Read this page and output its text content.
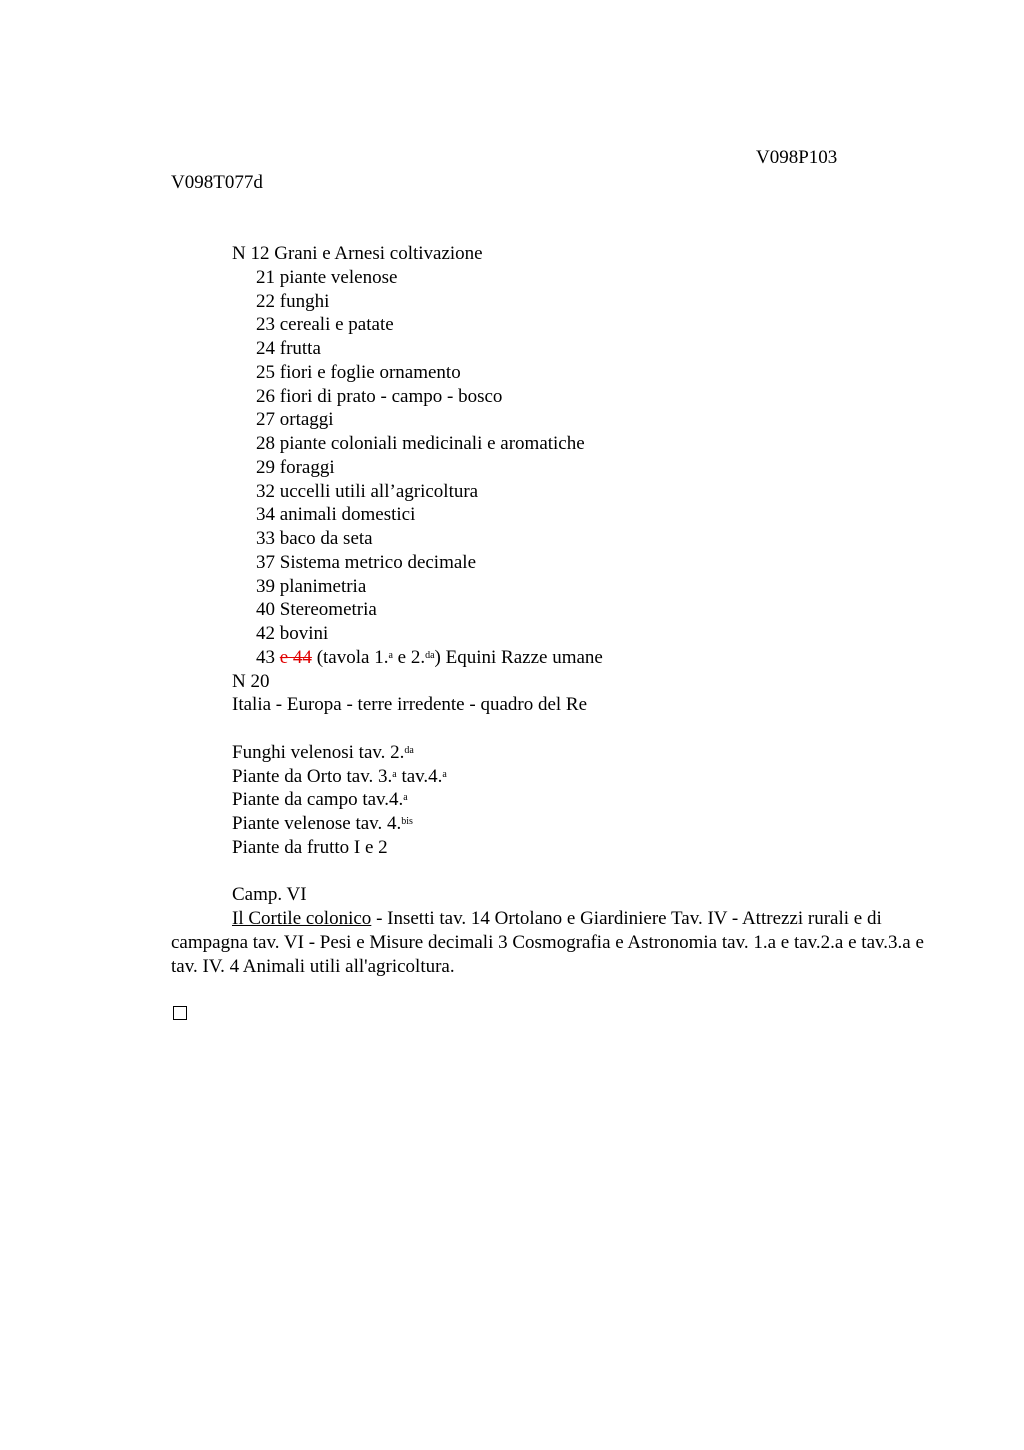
V098P103
V098T077d
N 12 Grani e Arnesi coltivazione
21 piante velenose
22 funghi
23 cereali e patate
24 frutta
25 fiori e foglie ornamento
26 fiori di prato - campo - bosco
27 ortaggi
28 piante coloniali medicinali e aromatiche
29 foraggi
32 uccelli utili all’agricoltura
34 animali domestici
33 baco da seta
37 Sistema metrico decimale
39 planimetria
40 Stereometria
42 bovini
43 e 44 (tavola 1.$^a$ e 2.$^{da}$) Equini Razze umane
N 20
Italia - Europa - terre irredente - quadro del Re
Funghi velenosi tav. 2.$^{da}$
Piante da Orto tav. 3.$^a$ tav.4.$^a$
Piante da campo tav.4.$^a$
Piante velenose tav. 4.$^{bis}$
Piante da frutto I e 2
Camp. VI
Il Cortile colonico - Insetti tav. 14 Ortolano e Giardiniere Tav. IV - Attrezzi rurali e di campagna tav. VI - Pesi e Misure decimali 3 Cosmografia e Astronomia tav. 1.a e tav.2.a e tav.3.a e tav. IV. 4 Animali utili all'agricoltura.
